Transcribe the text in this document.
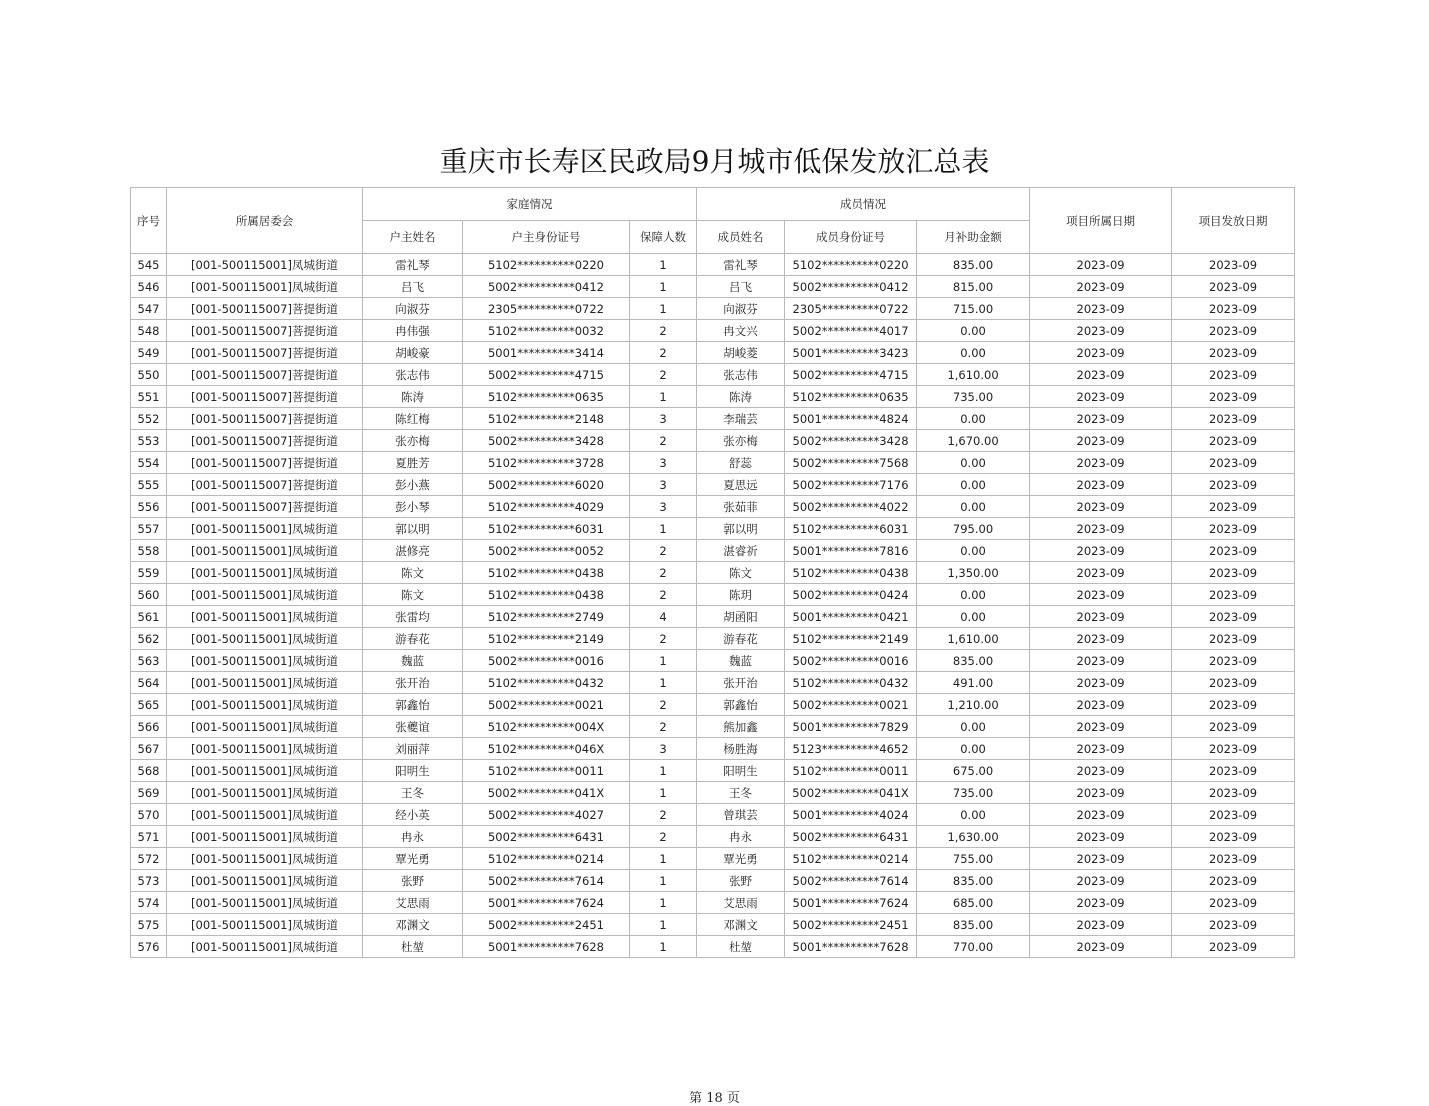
重庆市长寿区民政局9月城市低保发放汇总表
序号	所属居委会	家庭情况			成员情况			项目所属日期	项目发放日期
		户主姓名	户主身份证号	保障人数	成员姓名	成员身份证号	月补助金额		
545	[001-500115001]凤城街道	雷礼琴	5102**********0220	1	雷礼琴	5102**********0220	835.00	2023-09	2023-09
546	[001-500115001]凤城街道	吕飞	5002**********0412	1	吕飞	5002**********0412	815.00	2023-09	2023-09
547	[001-500115007]菩提街道	向淑芬	2305**********0722	1	向淑芬	2305**********0722	715.00	2023-09	2023-09
548	[001-500115007]菩提街道	冉伟强	5102**********0032	2	冉文兴	5002**********4017	0.00	2023-09	2023-09
549	[001-500115007]菩提街道	胡峻豪	5001**********3414	2	胡峻菱	5001**********3423	0.00	2023-09	2023-09
550	[001-500115007]菩提街道	张志伟	5002**********4715	2	张志伟	5002**********4715	1,610.00	2023-09	2023-09
551	[001-500115007]菩提街道	陈涛	5102**********0635	1	陈涛	5102**********0635	735.00	2023-09	2023-09
552	[001-500115007]菩提街道	陈红梅	5102**********2148	3	李瑞芸	5001**********4824	0.00	2023-09	2023-09
553	[001-500115007]菩提街道	张亦梅	5002**********3428	2	张亦梅	5002**********3428	1,670.00	2023-09	2023-09
554	[001-500115007]菩提街道	夏胜芳	5102**********3728	3	舒蕊	5002**********7568	0.00	2023-09	2023-09
555	[001-500115007]菩提街道	彭小燕	5002**********6020	3	夏思远	5002**********7176	0.00	2023-09	2023-09
556	[001-500115007]菩提街道	彭小琴	5102**********4029	3	张茹菲	5002**********4022	0.00	2023-09	2023-09
557	[001-500115001]凤城街道	郭以明	5102**********6031	1	郭以明	5102**********6031	795.00	2023-09	2023-09
558	[001-500115001]凤城街道	湛修亮	5002**********0052	2	湛睿祈	5001**********7816	0.00	2023-09	2023-09
559	[001-500115001]凤城街道	陈文	5102**********0438	2	陈文	5102**********0438	1,350.00	2023-09	2023-09
560	[001-500115001]凤城街道	陈文	5102**********0438	2	陈玥	5002**********0424	0.00	2023-09	2023-09
561	[001-500115001]凤城街道	张雷均	5102**********2749	4	胡函阳	5001**********0421	0.00	2023-09	2023-09
562	[001-500115001]凤城街道	游春花	5102**********2149	2	游春花	5102**********2149	1,610.00	2023-09	2023-09
563	[001-500115001]凤城街道	魏蓝	5002**********0016	1	魏蓝	5002**********0016	835.00	2023-09	2023-09
564	[001-500115001]凤城街道	张开治	5102**********0432	1	张开治	5102**********0432	491.00	2023-09	2023-09
565	[001-500115001]凤城街道	郭鑫怡	5002**********0021	2	郭鑫怡	5002**********0021	1,210.00	2023-09	2023-09
566	[001-500115001]凤城街道	张夔谊	5102**********004X	2	熊加鑫	5001**********7829	0.00	2023-09	2023-09
567	[001-500115001]凤城街道	刘丽萍	5102**********046X	3	杨胜海	5123**********4652	0.00	2023-09	2023-09
568	[001-500115001]凤城街道	阳明生	5102**********0011	1	阳明生	5102**********0011	675.00	2023-09	2023-09
569	[001-500115001]凤城街道	王冬	5002**********041X	1	王冬	5002**********041X	735.00	2023-09	2023-09
570	[001-500115001]凤城街道	经小英	5002**********4027	2	曾琪芸	5001**********4024	0.00	2023-09	2023-09
571	[001-500115001]凤城街道	冉永	5002**********6431	2	冉永	5002**********6431	1,630.00	2023-09	2023-09
572	[001-500115001]凤城街道	覃光勇	5102**********0214	1	覃光勇	5102**********0214	755.00	2023-09	2023-09
573	[001-500115001]凤城街道	张野	5002**********7614	1	张野	5002**********7614	835.00	2023-09	2023-09
574	[001-500115001]凤城街道	艾思雨	5001**********7624	1	艾思雨	5001**********7624	685.00	2023-09	2023-09
575	[001-500115001]凤城街道	邓渊文	5002**********2451	1	邓渊文	5002**********2451	835.00	2023-09	2023-09
576	[001-500115001]凤城街道	杜堃	5001**********7628	1	杜堃	5001**********7628	770.00	2023-09	2023-09
第 18 页
